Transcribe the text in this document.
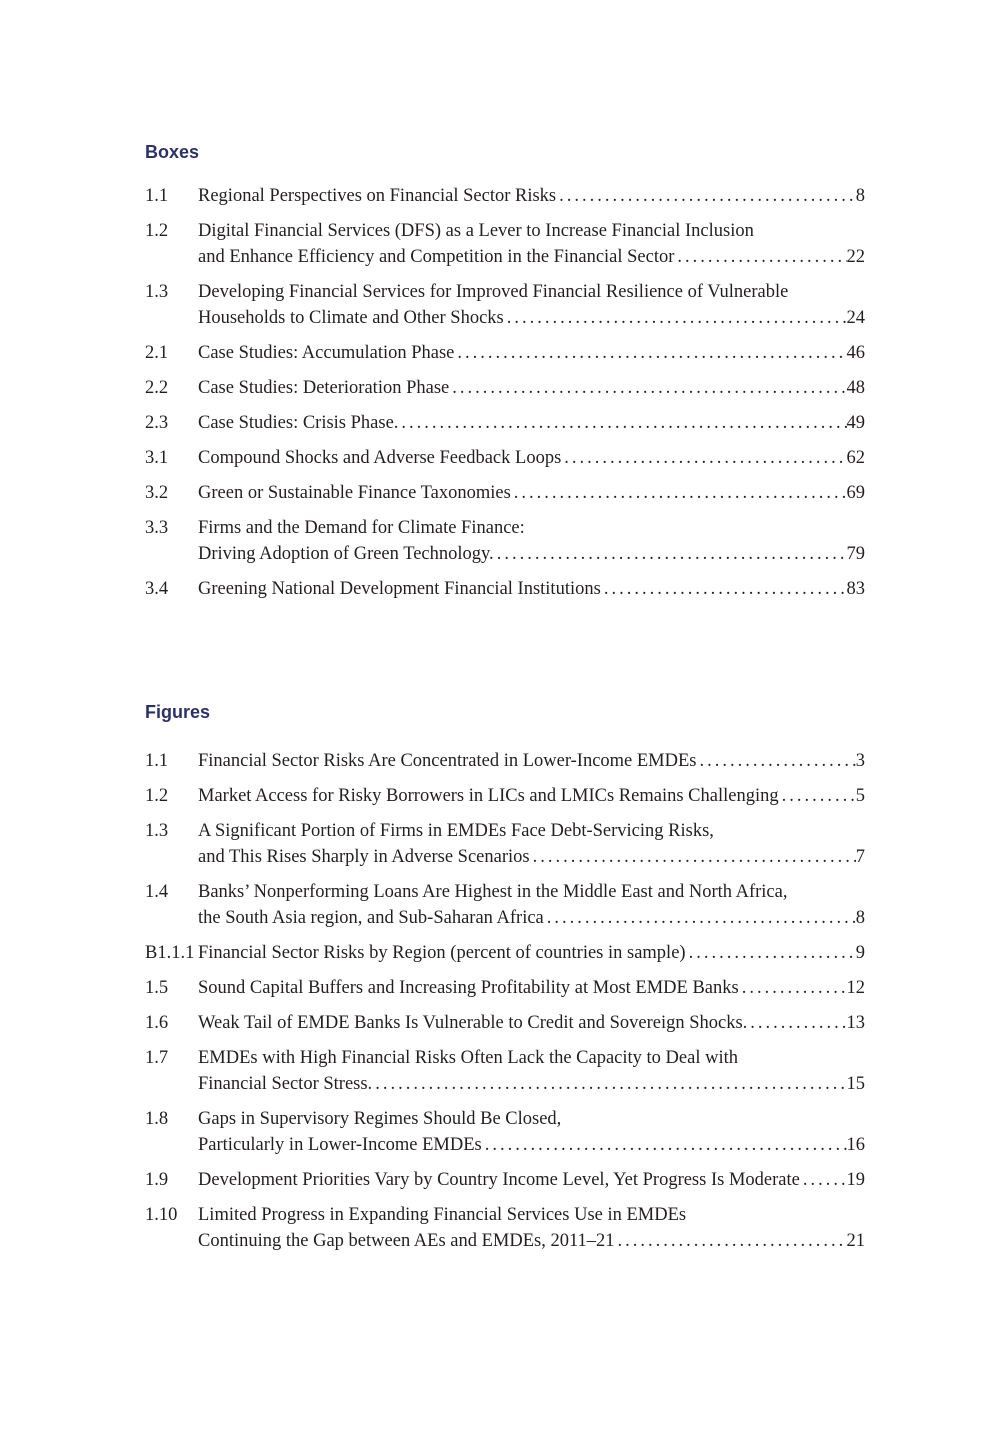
Boxes
1.1	Regional Perspectives on Financial Sector Risks .....	8
1.2	Digital Financial Services (DFS) as a Lever to Increase Financial Inclusion
and Enhance Efficiency and Competition in the Financial Sector .....	22
1.3	Developing Financial Services for Improved Financial Resilience of Vulnerable
Households to Climate and Other Shocks .....	24
2.1	Case Studies: Accumulation Phase .....	46
2.2	Case Studies: Deterioration Phase .....	48
2.3	Case Studies: Crisis Phase. .....	49
3.1	Compound Shocks and Adverse Feedback Loops .....	62
3.2	Green or Sustainable Finance Taxonomies .....	69
3.3	Firms and the Demand for Climate Finance:
Driving Adoption of Green Technology. .....	79
3.4	Greening National Development Financial Institutions .....	83
Figures
1.1	Financial Sector Risks Are Concentrated in Lower-Income EMDEs .....	3
1.2	Market Access for Risky Borrowers in LICs and LMICs Remains Challenging .....	5
1.3	A Significant Portion of Firms in EMDEs Face Debt-Servicing Risks,
and This Rises Sharply in Adverse Scenarios .....	7
1.4	Banks’ Nonperforming Loans Are Highest in the Middle East and North Africa,
the South Asia region, and Sub-Saharan Africa .....	8
B1.1.1 Financial Sector Risks by Region (percent of countries in sample) .....	9
1.5	Sound Capital Buffers and Increasing Profitability at Most EMDE Banks .....	12
1.6	Weak Tail of EMDE Banks Is Vulnerable to Credit and Sovereign Shocks. .....	13
1.7	EMDEs with High Financial Risks Often Lack the Capacity to Deal with
Financial Sector Stress. .....	15
1.8	Gaps in Supervisory Regimes Should Be Closed,
Particularly in Lower-Income EMDEs .....	16
1.9	Development Priorities Vary by Country Income Level, Yet Progress Is Moderate .....	19
1.10	Limited Progress in Expanding Financial Services Use in EMDEs
Continuing the Gap between AEs and EMDEs, 2011–21 .....	21
